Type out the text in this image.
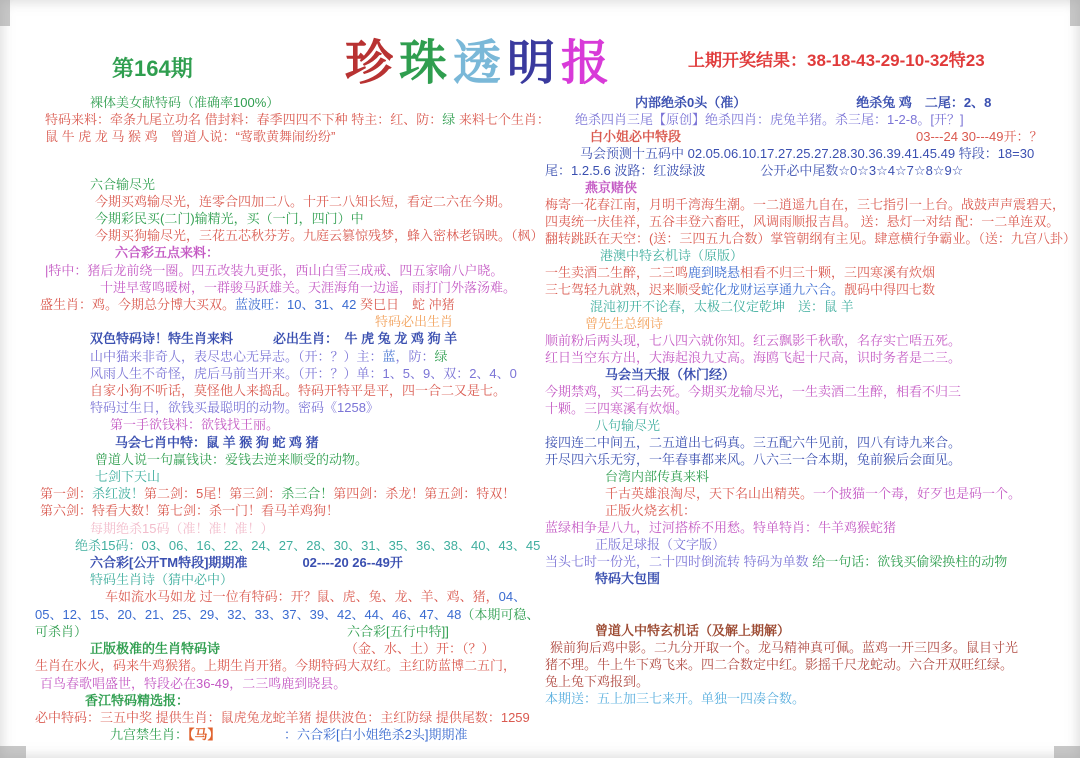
第164期	珍珠透明报	上期开奖结果：38-18-43-29-10-32特23
裸体美女献特码（准确率100%）
特码来料：牵条九尾立功名 借封料：春季四四不下种 特主：红、防：绿 来料七个生肖：
鼠 牛 虎 龙 马 猴 鸡　曾道人说：“莺歌黄舞闹纷纷”
六合输尽光
今期买鸡输尽光，连零合四加二八。十开二八知长短，看定二六在今期。
今期彩民买(二门)输精光，买（一门，四门）中
今期买狗输尽光，三花五芯秋芬芳。九庭云篡惊残梦，蜂入密林老锅映。（枫）
六合彩五点来料：
|特中：猪后龙前绕一圈。四五改装九更张，西山白雪三成戒、四五家喻八户晓。
十进早莺鸣暖树，一群骏马跃雄关。天涯海角一边遥，雨打门外落汤难。
盛生肖：鸡。今期总分博大买双。蓝波旺：10、31、42 癸巳日　蛇 冲猪
特码必出生肖
双色特码诗！特生肖来料	必出生肖：　牛 虎 兔 龙 鸡 狗 羊
山中猫来非奇人，表尽忠心无异志。（开：？）主：蓝，防：绿
风雨人生不奇怪，虎后马前当开来。（开：？）单：1、5、9、双：2、4、0
自家小狗不听话，莫怪他人来捣乱。特码开特平是平，四一合二又是七。
特码过生日，欲钱买最聪明的动物。密码《1258》
第一手欲钱料：欲钱找王丽。
马会七肖中特：鼠 羊 猴 狗 蛇 鸡 猪
曾道人说一句赢钱诀：爱钱去逆来顺受的动物。
七剑下天山
第一剑：杀红波！第二剑：5尾！第三剑：杀三合！第四剑：杀龙！第五剑：特双！
第六剑：特看大数！第七剑：杀一门！看马羊鸡狗！
每期绝杀15码（准！准！准！）
绝杀15码：03、06、16、22、24、27、28、30、31、35、36、38、40、43、45
六合彩[公开TM特段]期期准	02----20 26--49开
特码生肖诗（猜中必中）
车如流水马如龙 过一位有特码：开？鼠、虎、兔、龙、羊、鸡、猪，04、
05、12、15、20、21、25、29、32、33、37、39、42、44、46、47、48（本期可稳、
可杀肖）	六合彩[五行中特]]
正版极准的生肖特码诗	（金、水、土）开：（？）
生肖在水火，码来牛鸡猴猪。上期生肖开猪。今期特码大双红。主红防蓝博二五门，
百鸟春歌唱盛世，特段必在36-49，二三鸣鹿到晓县。
香江特码精选报：
必中特码：三五中奖 提供生肖：鼠虎兔龙蛇羊猪 提供波色：主红防绿 提供尾数：1259
九宫禁生肖：【马】	：六合彩[白小姐绝杀2头]期期准
内部绝杀0头（准）	绝杀兔 鸡　二尾：2、8
绝杀四肖三尾【原创】绝杀四肖：虎兔羊猪。杀三尾：1-2-8。[开？]
白小姐必中特段	03---24 30---49开：？
马会预测十五码中 02.05.06.10.17.27.25.27.28.30.36.39.41.45.49 特段：18=30
尾：1.2.5.6 波路：红波绿波	公开必中尾数☆0☆3☆4☆7☆8☆9☆
燕京赌侠
梅寄一花春江南，月明千湾海生潮。一二逍遥九自在，三七指引一上台。战鼓声声震碧天，
四夷统一庆佳祥，五谷丰登六畜旺，风调雨顺报吉昌。 送：悬灯一对结 配：一二单连双。
翻转跳跃在天空：(送：三四五九合数）掌管朝纲有主见。肆意横行争霸业。（送：九宫八卦）
港澳中特玄机诗（原版）
一生卖酒二生醉，二三鸣鹿到晓悬相看不归三十颗，三四寒溪有炊烟
三七驾轻九就熟，迟来顺受蛇化龙财运享通九六合。靓码中得四七数
混沌初开不论春，太极二仪定乾坤　送：鼠 羊
曾先生总纲诗
顺前粉后两头现，七八四六就你知。红云飘影千秋歌，名存实亡唔五死。
红日当空东方出，大海起浪九丈高。海鸥飞起十尺高，识时务者是二三。
马会当天报（休门经）
今期禁鸡，买二码去死。今期买龙输尽光，一生卖酒二生醉，相看不归三
十颗。三四寒溪有炊烟。
八句输尽光
接四连二中间五，二五道出七码真。三五配六牛见前，四八有诗九来合。
开尽四六乐无穷，一年春事都来风。八六三一合本期，兔前猴后会面见。
台湾内部传真来料
千古英雄浪淘尽，天下名山出精英。一个披猫一个毒，好歹也是码一个。
正版火烧玄机：
蓝绿相争是八九，过河搭桥不用愁。特单特肖：牛羊鸡猴蛇猪
正版足球报（文字版）
当头七时一份光，二十四时倒流转 特码为单数 给一句话：欲钱买偷梁换柱的动物
特码大包围
曾道人中特玄机话（及解上期解）
猴前狗后鸡中影。二九分开取一个。龙马精神真可佩。蓝鸡一开三四多。鼠目寸光
猪不理。牛上牛下鸡飞来。四二合数定中红。影摇千尺龙蛇动。六合开双旺红绿。
兔上兔下鸡报到。
本期送：五上加三七来开。单独一四凑合数。
